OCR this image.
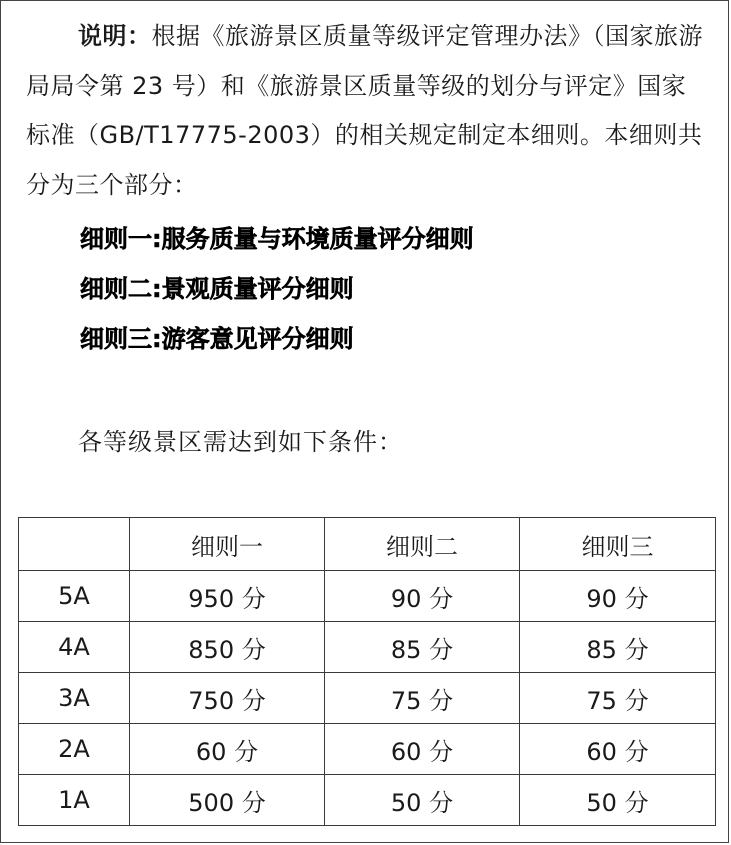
说明：根据《旅游景区质量等级评定管理办法》（国家旅游局局令第 23 号）和《旅游景区质量等级的划分与评定》国家标准（GB/T17775-2003）的相关规定制定本细则。本细则共分为三个部分：
细则一:服务质量与环境质量评分细则
细则二:景观质量评分细则
细则三:游客意见评分细则
各等级景区需达到如下条件：
	细则一	细则二	细则三
5A	950 分	90 分	90 分
4A	850 分	85 分	85 分
3A	750 分	75 分	75 分
2A	60 分	60 分	60 分
1A	500 分	50 分	50 分
